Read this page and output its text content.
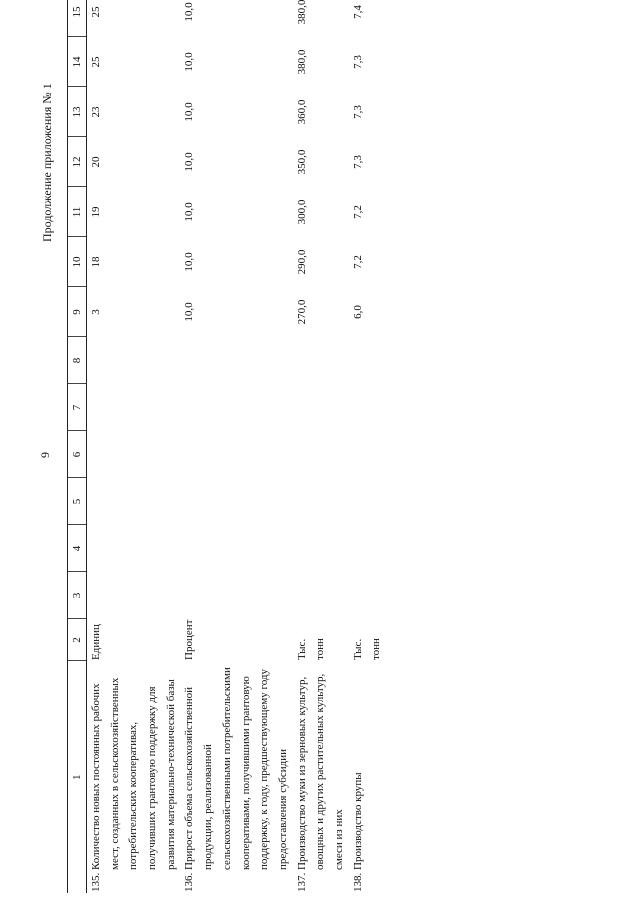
9
Продолжение приложения № 1
1		2	3	4	5	6	7	8	9	10	11	12	13	14	15	
135.	Количество новых постоянных рабочих мест, созданных в сельскохозяйственных потребительских кооперативах, получивших грантовую поддержку для развития материально-технической базы	Единиц							3	18	19	20	23	25	25	
136.	Прирост объема сельскохозяйственной продукции, реализованной сельскохозяйственными потребительскими кооперативами, получившими грантовую поддержку, к году, предшествующему году предоставления субсидии	Процент							10,0	10,0	10,0	10,0	10,0	10,0	10,0	
137.	Производство муки из зерновых культур, овощных и других растительных культур, смеси из них	Тыс. тонн							270,0	290,0	300,0	350,0	360,0	380,0	380,0	
138.	Производство крупы	Тыс. тонн							6,0	7,2	7,2	7,3	7,3	7,3	7,4	
